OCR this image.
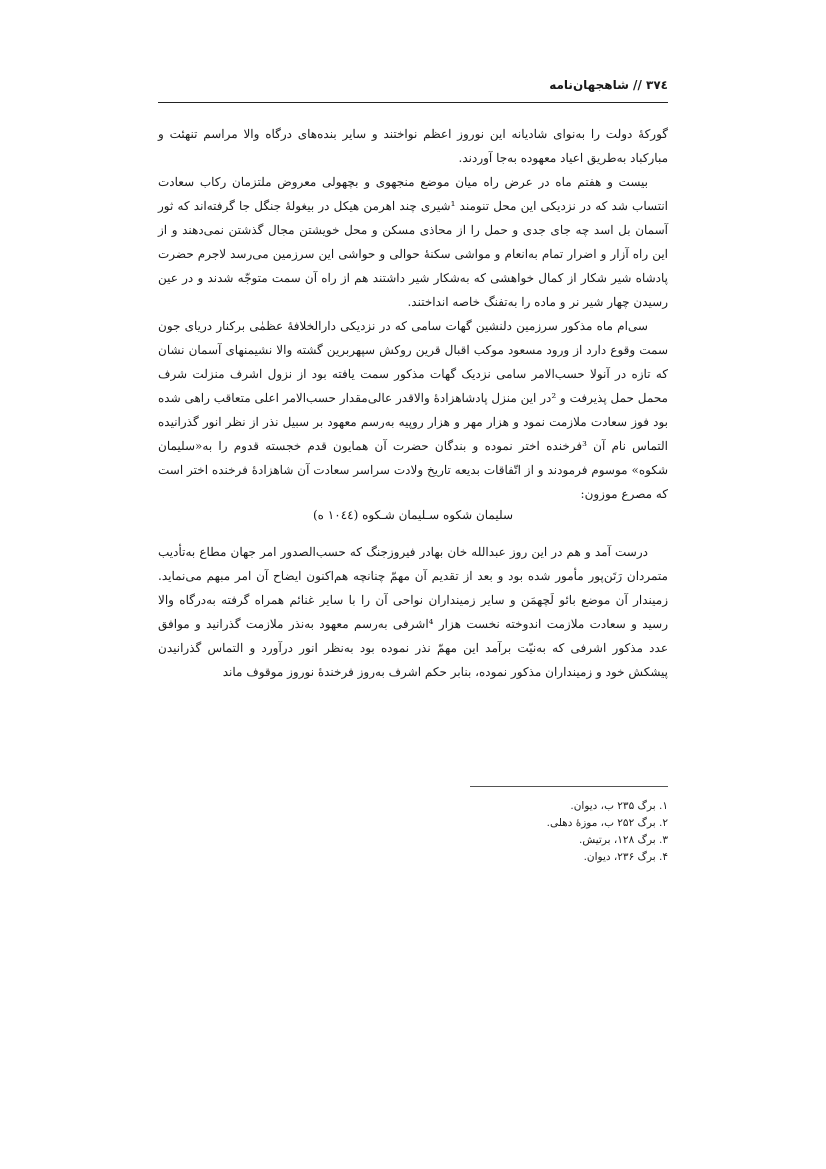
۳۷٤ // شاهجهان‌نامه

گورکۀ دولت را به‌نوای شادیانه این نوروز اعظم نواختند و سایر بنده‌های درگاه والا مراسم تنهئت و مبارکباد به‌طریق اعیاد معهوده به‌جا آوردند.

بیست و هفتم ماه در عرض راه میان موضع منجهوی و بچهولی معروض ملتزمان رکاب سعادت انتساب شد که در نزدیکی این محل تنومند ¹شیری چند اهرمن هیکل در بیغولۀ جنگل جا گرفته‌اند که ثور آسمان بل اسد چه جای جدی و حمل را از محاذی مسکن و محل خویشتن مجال گذشتن نمی‌دهند و از این راه آزار و اضرار تمام به‌انعام و مواشی سکنۀ حوالی و حواشی این سرزمین می‌رسد لاجرم حضرت پادشاه شیر شکار از کمال خواهشی که به‌شکار شیر داشتند هم از راه آن سمت متوجّه شدند و در عین رسیدن چهار شیر نر و ماده را به‌تفنگ خاصه انداختند.

سی‌ام ماه مذکور سرزمین دلنشین گهات سامی که در نزدیکی دارالخلافۀ عظمٰی برکنار دریای جون سمت وقوع دارد از ورود مسعود موکب اقبال قرین روکش سپهربرین گشته والا نشیمنهای آسمان نشان که تازه در آنولا حسب‌الامر سامی نزدیک گهات مذکور سمت یافته بود از نزول اشرف منزلت شرف محمل حمل پذیرفت و ²در این منزل پادشاهزادۀ والاقدر عالی‌مقدار حسب‌الامر اعلی متعاقب راهی شده بود فوز سعادت ملازمت نمود و هزار مهر و هزار روپیه به‌رسم معهود بر سبیل نذر از نظر انور گذرانیده التماس نام آن ³فرخنده اختر نموده و بندگان حضرت آن همایون قدم خجسته قدوم را به«سلیمان شکوه» موسوم فرمودند و از اتّفاقات بدیعه تاریخ ولادت سراسر سعادت آن شاهزادۀ فرخنده اختر است که مصرع موزون:

سلیمان شکوه سـلیمان شـکوه (١٠٤٤ ه)

درست آمد و هم در این روز عبدالله خان بهادر فیروزجنگ که حسب‌الصدور امر جهان مطاع به‌تأدیب متمردان رَتَن‌پور مأمور شده بود و بعد از تقدیم آن مهمّ چنانچه هم‌اکنون ایضاح آن امر مبهم می‌نماید. زمیندار آن موضع بائو لَچهمَن و سایر زمینداران نواحی آن را با سایر غنائم همراه گرفته به‌درگاه والا رسید و سعادت ملازمت اندوخته نخست هزار ⁴اشرفی به‌رسم معهود به‌نذر ملازمت گذرانید و موافق عدد مذکور اشرفی که به‌نیّت برآمد این مهمّ نذر نموده بود به‌نظر انور درآورد و التماس گذرانیدن پیشکش خود و زمینداران مذکور نموده، بنابر حکم اشرف به‌روز فرخندۀ نوروز موقوف ماند

۱. برگ ۲۳۵ ب، دیوان.
۲. برگ ۲۵۲ ب، موزۀ دهلی.
۳. برگ ۱۲۸، برتیش.
۴. برگ ۲۳۶، دیوان.
